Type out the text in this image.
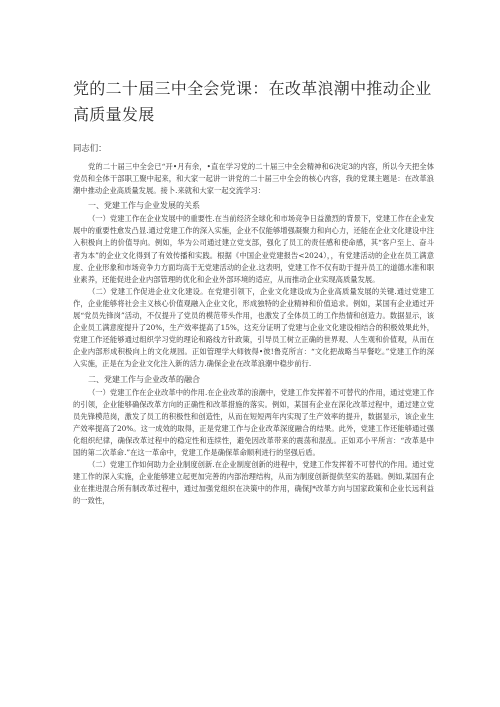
党的二十届三中全会党课：在改革浪潮中推动企业高质量发展

同志们：

党的二十届三中全会已“开•月有余，•直在学习党的二十届三中全会精神和6决定3的内容，所以今天把全体党员和全体干部职工聚中起来，和大家一起讲一讲党的二十届三中全会的核心内容，我的党课主题是：在改革浪潮中推动企业高质量发展。接卜.来就和大家一起交流学习：

一、党建工作与企业发展的关系

（一）党建工作在企业发展中的重要性.在当前经济全球化和市场竞争日益激烈的背景下，党建工作在企业发展中的重要性愈发凸显.通过党建工作的深入实施，企业不仅能够增强凝聚力和向心力，还能在企业文化建设中注入积极向上的价值导向。例如，华为公司通过建立党支部，强化了员工的责任感和使命感，其“客户至上、奋斗者为本”的企业文化得到了有效传播和实践。根据《中国企业党建报告<2024），，有党建活动的企业在员工满意度、企业形象和市场竞争力方面均高于无党建活动的企业.这表明，党建工作不仅有助于提升员工的道德水准和职业素养，还能促进企业内部管理的优化和企业外部环境的适应，从而推动企业实现高质量发展。

（二）党建工作促进企业文化建设。在党建引领下，企业文化建设成为企业高质量发展的关键.通过党建工作，企业能够将社会主义核心价值观融入企业文化，形成独特的企业精神和价值追求。例如，某国有企业通过开展“党员先锋岗”活动，不仅提升了党员的模范带头作用，也激发了全体员工的工作热情和创造力。数据显示，该企业员工满意度提升了20%，生产效率提高了15%，这充分证明了党建与企业文化建设相结合的积极效果此外，党建工作还能够通过组织学习党的理论和路线方针政策，引导员工树立正确的世界观、人生观和价值观，从而在企业内部形成积极向上的文化规园。正如管理学大师彼得•彼!鲁克所言：“文化把战略当早餐吃。”党建工作的深入实施，正是在为企业文化注入新的活力.确保企业在改革浪潮中稳步前行.

二、党建工作与企业改革的融合

（一）党建工作在企业改革中的作用.在企业改革的浪潮中，党建工作发挥着不可替代的作用，通过党建工作的引领，企业能够确保改革方向的正确性和改革措施的落实。例如，某国有企业在深化改革过程中，通过建立党员先锋模范岗，激发了员工的积极性和创造性，从而在短短两年内实现了生产效率的提升，数据显示，该企业生产效率提高了20%。这一成效的取得，正是党建工作与企业改革深度融合的结果。此外，党建工作还能够通过强化组织纪律，确保改革过程中的稳定性和连续性，避免因改革带来的震荡和混乱。正如邓小平所言：“改革是中国的第二次革命.”在这一革命中，党建工作是确保革命顺利进行的坚强后盾。

（二）党建工作如何助力企业制度创新.在企业制度创新的进程中，党建工作发挥着不可替代的作用。通过党建工作的深入实施，企业能够建立起更加完善的内部治理结构，从而为制度创新提供坚实的基础。例如,某国有企业在推进混合所有制改革过程中，通过加强党组织在决策中的作用，确保J*改革方向与国家政策和企业长远利益的一致性，
